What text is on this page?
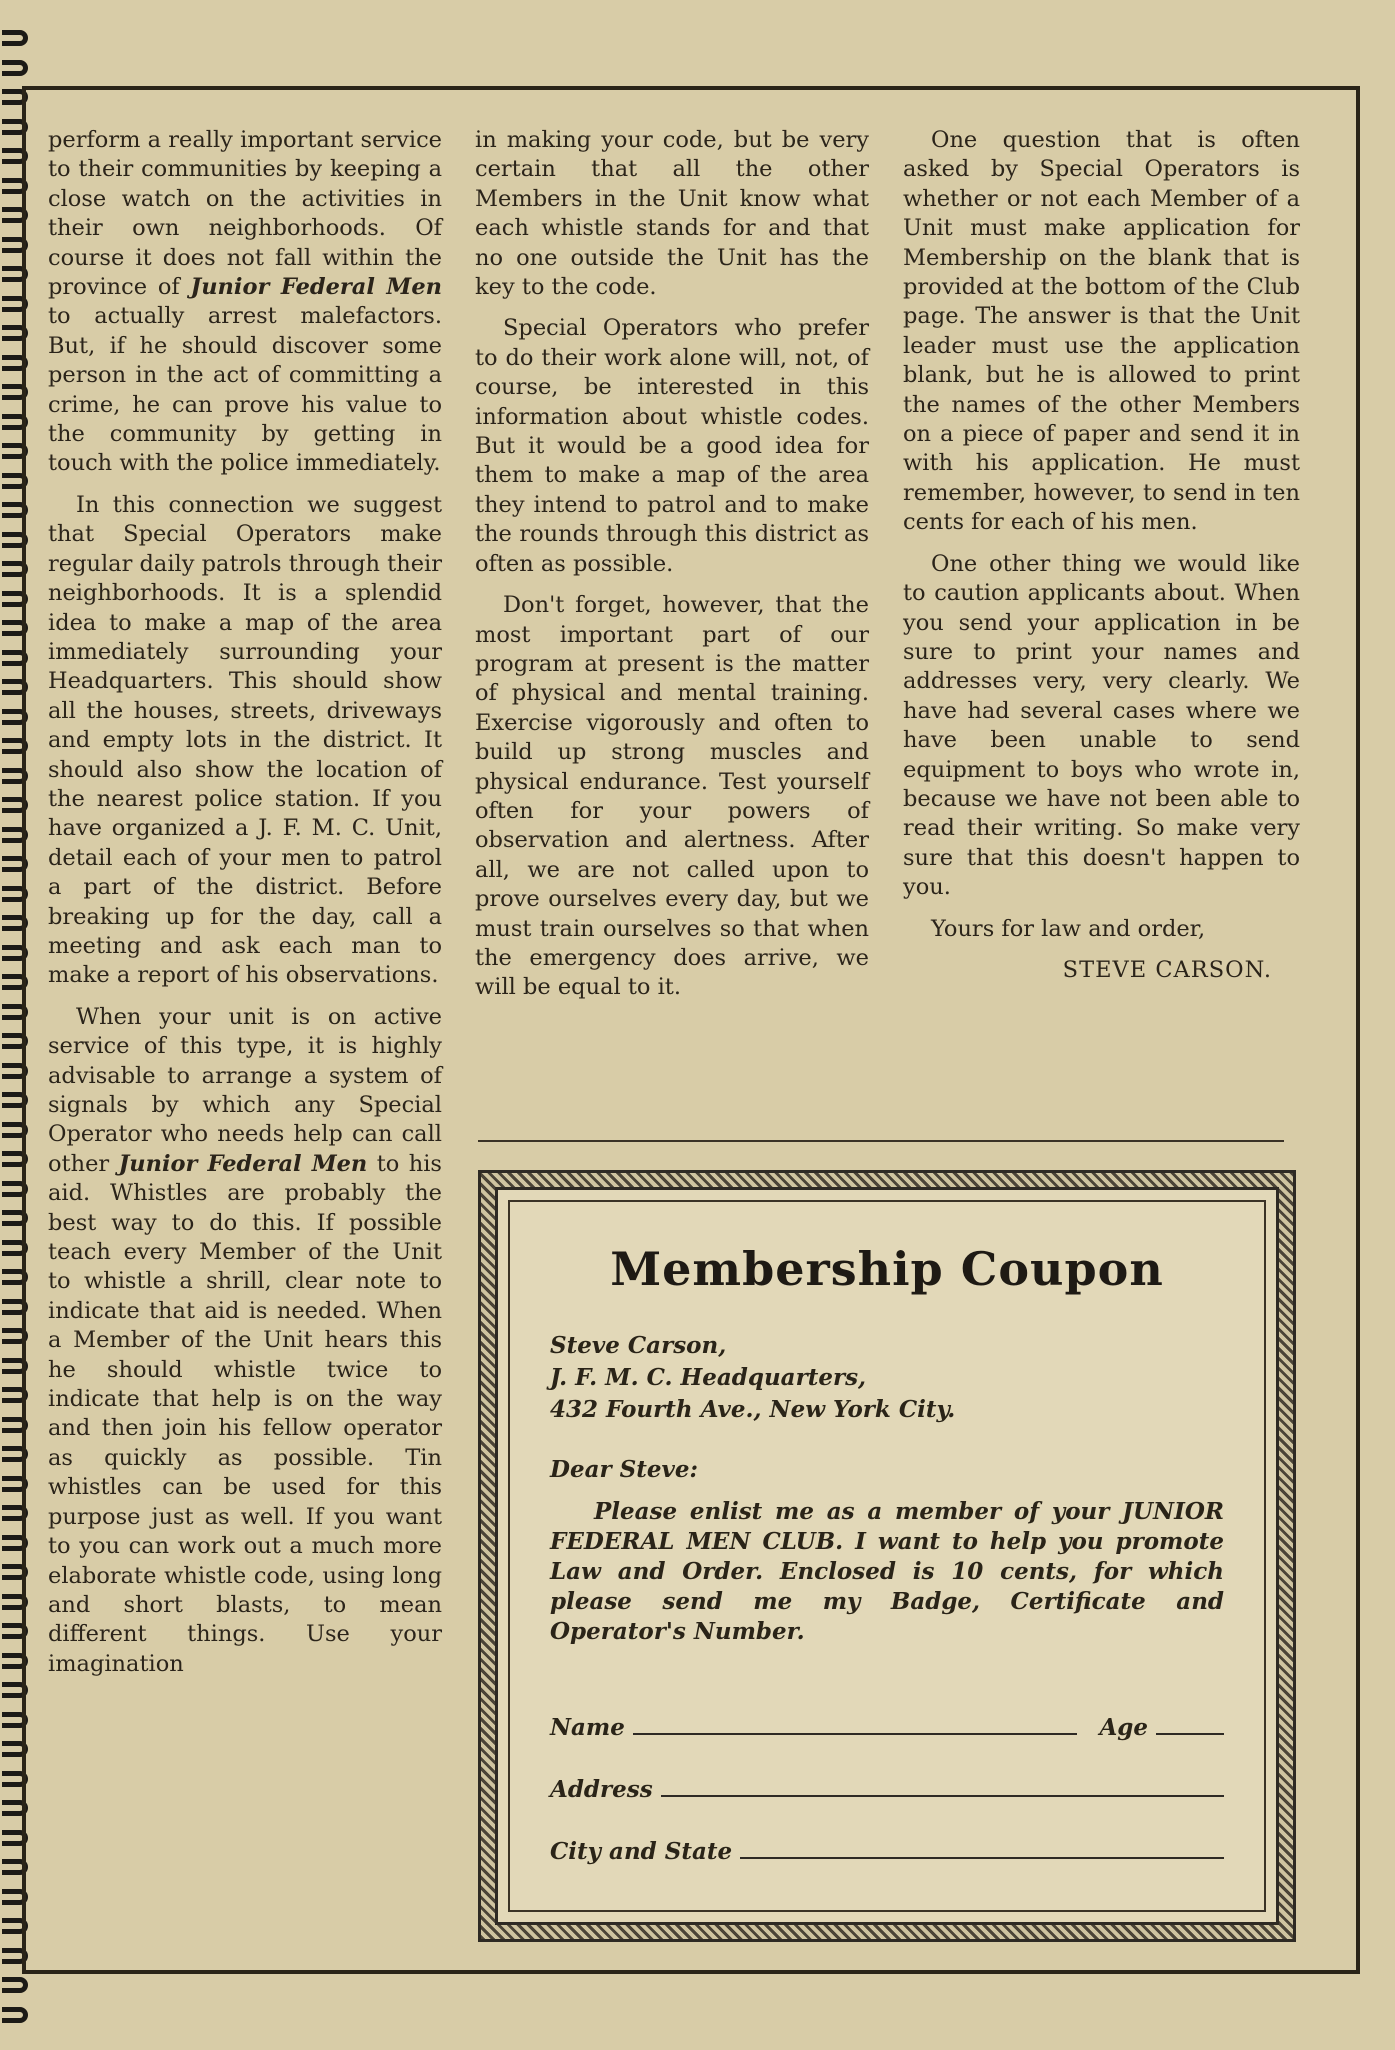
perform a really important service to their communities by keeping a close watch on the activities in their own neighborhoods. Of course it does not fall within the province of Junior Federal Men to actually arrest malefactors. But, if he should discover some person in the act of committing a crime, he can prove his value to the community by getting in touch with the police immediately.

In this connection we suggest that Special Operators make regular daily patrols through their neighborhoods. It is a splendid idea to make a map of the area immediately surrounding your Headquarters. This should show all the houses, streets, driveways and empty lots in the district. It should also show the location of the nearest police station. If you have organized a J. F. M. C. Unit, detail each of your men to patrol a part of the district. Before breaking up for the day, call a meeting and ask each man to make a report of his observations.

When your unit is on active service of this type, it is highly advisable to arrange a system of signals by which any Special Operator who needs help can call other Junior Federal Men to his aid. Whistles are probably the best way to do this. If possible teach every Member of the Unit to whistle a shrill, clear note to indicate that aid is needed. When a Member of the Unit hears this he should whistle twice to indicate that help is on the way and then join his fellow operator as quickly as possible. Tin whistles can be used for this purpose just as well. If you want to you can work out a much more elaborate whistle code, using long and short blasts, to mean different things. Use your imagination

in making your code, but be very certain that all the other Members in the Unit know what each whistle stands for and that no one outside the Unit has the key to the code.

Special Operators who prefer to do their work alone will, not, of course, be interested in this information about whistle codes. But it would be a good idea for them to make a map of the area they intend to patrol and to make the rounds through this district as often as possible.

Don't forget, however, that the most important part of our program at present is the matter of physical and mental training. Exercise vigorously and often to build up strong muscles and physical endurance. Test yourself often for your powers of observation and alertness. After all, we are not called upon to prove ourselves every day, but we must train ourselves so that when the emergency does arrive, we will be equal to it.

One question that is often asked by Special Operators is whether or not each Member of a Unit must make application for Membership on the blank that is provided at the bottom of the Club page. The answer is that the Unit leader must use the application blank, but he is allowed to print the names of the other Members on a piece of paper and send it in with his application. He must remember, however, to send in ten cents for each of his men.

One other thing we would like to caution applicants about. When you send your application in be sure to print your names and addresses very, very clearly. We have had several cases where we have been unable to send equipment to boys who wrote in, because we have not been able to read their writing. So make very sure that this doesn't happen to you.

Yours for law and order,
STEVE CARSON.
Membership Coupon
Steve Carson,
J. F. M. C. Headquarters,
432 Fourth Ave., New York City.
Dear Steve:

Please enlist me as a member of your JUNIOR FEDERAL MEN CLUB. I want to help you promote Law and Order. Enclosed is 10 cents, for which please send me my Badge, Certificate and Operator's Number.

Name	Age
Address
City and State
